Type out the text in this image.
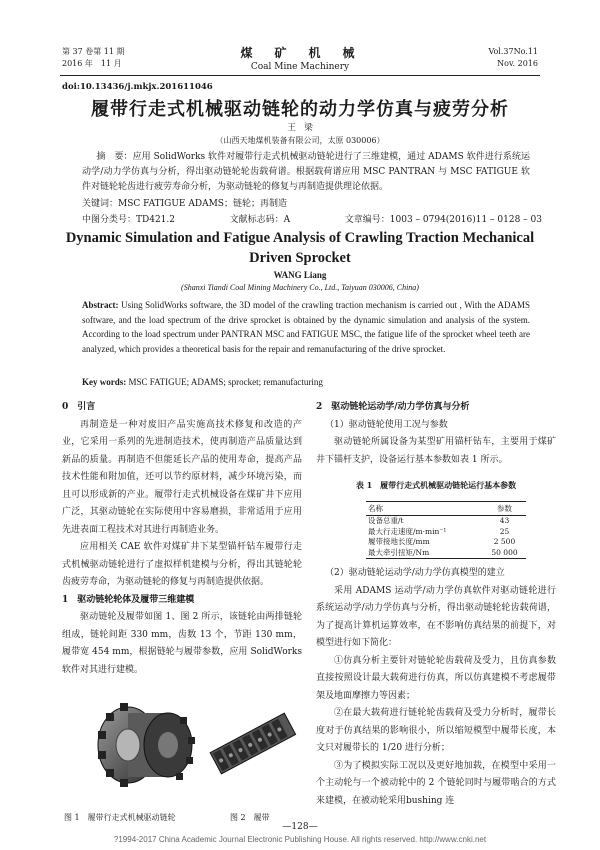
第 37 卷第 11 期
2016 年　11 月
煤　矿　机　械
Coal Mine Machinery
Vol.37No.11
Nov. 2016
doi:10.13436/j.mkjx.201611046
履带行走式机械驱动链轮的动力学仿真与疲劳分析
王　梁
（山西天地煤机装备有限公司，太原 030006）
摘　要：应用 SolidWorks 软件对履带行走式机械驱动链轮进行了三维建模，通过 ADAMS 软件进行系统运动学/动力学仿真与分析，得出驱动链轮轮齿载荷谱。根据载荷谱应用 MSC PANTRAN 与 MSC FATIGUE 软件对链轮轮齿进行疲劳寿命分析，为驱动链轮的修复与再制造提供理论依据。
关键词：MSC FATIGUE ADAMS；链轮；再制造
中图分类号：TD421.2	文献标志码：A	文章编号：1003 – 0794(2016)11 – 0128 – 03
Dynamic Simulation and Fatigue Analysis of Crawling Traction Mechanical Driven Sprocket
WANG Liang
(Shanxi Tiandi Coal Mining Machinery Co., Ltd., Taiyuan 030006, China)
Abstract: Using SolidWorks software, the 3D model of the crawling traction mechanism is carried out , With the ADAMS software, and the load spectrum of the drive sprocket is obtained by the dynamic simulation and analysis of the system. According to the load spectrum under PANTRAN MSC and FATIGUE MSC, the fatigue life of the sprocket wheel teeth are analyzed, which provides a theoretical basis for the repair and remanufacturing of the drive sprocket.
Key words: MSC FATIGUE; ADAMS; sprocket; remanufacturing

0　引言

再制造是一种对废旧产品实施高技术修复和改造的产业，它采用一系列的先进制造技术，使再制造产品质量达到新品的质量。再制造不但能延长产品的使用寿命，提高产品技术性能和附加值，还可以节约原材料，减少环境污染，而且可以形成新的产业。履带行走式机械设备在煤矿井下应用广泛，其驱动链轮在实际使用中容易磨损，非常适用于应用先进表面工程技术对其进行再制造业务。

应用相关 CAE 软件对煤矿井下某型锚杆钻车履带行走式机械驱动链轮进行了虚拟样机建模与分析，得出其链轮轮齿疲劳寿命，为驱动链轮的修复与再制造提供依据。

1　驱动链轮轮体及履带三维建模

驱动链轮及履带如图 1、图 2 所示，该链轮由两排链轮组成，链轮间距 330 mm，齿数 13 个，节距 130 mm，履带宽 454 mm，根据链轮与履带参数，应用 SolidWorks 软件对其进行建模。

图 1　履带行走式机械驱动链轮	图 2　履带

2　驱动链轮运动学/动力学仿真与分析

（1）驱动链轮使用工况与参数

驱动链轮所属设备为某型矿用锚杆钻车，主要用于煤矿井下锚杆支护，设备运行基本参数如表 1 所示。

表 1　履带行走式机械驱动链轮运行基本参数
名称	参数
设备总重/t	43
最大行走速度/m·min⁻¹	25
履带接地长度/mm	2 500
最大牵引扭矩/Nm	50 000

（2）驱动链轮运动学/动力学仿真模型的建立

采用 ADAMS 运动学/动力学仿真软件对驱动链轮进行系统运动学/动力学仿真与分析，得出驱动链轮轮齿载荷谱，为了提高计算机运算效率，在不影响仿真结果的前提下，对模型进行如下简化：

①仿真分析主要针对链轮轮齿载荷及受力，且仿真参数直接按照设计最大载荷进行仿真，所以仿真建模不考虑履带架及地面摩擦力等因素；

②在最大载荷进行链轮轮齿载荷及受力分析时，履带长度对于仿真结果的影响很小，所以缩短模型中履带长度，本文只对履带长的 1/20 进行分析；

③为了模拟实际工况以及更好地加载，在模型中采用一个主动轮与一个被动轮中的 2 个链轮同时与履带啮合的方式来建模，在被动轮采用bushing 连

—128—
?1994-2017 China Academic Journal Electronic Publishing House. All rights reserved. http://www.cnki.net
